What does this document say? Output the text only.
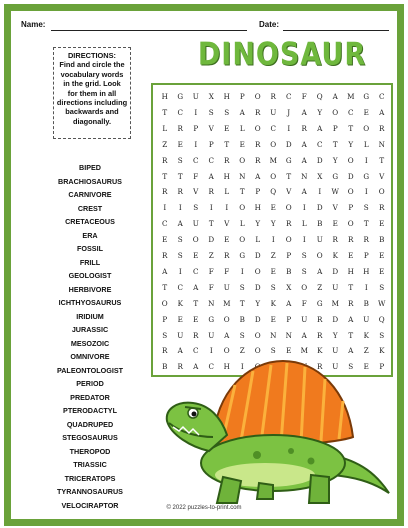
Name:	Date:
DIRECTIONS:
Find and circle the
vocabulary words
in the grid. Look
for them in all
directions including
backwards and
diagonally.
DINOSAUR
H	G	U	X	H	P	O	R	C	F	Q	A	M	G	C
T	C	I	S	S	A	R	U	J	A	Y	O	C	E	A
L	R	P	V	E	L	O	C	I	R	A	P	T	O	R
Z	E	I	P	T	E	R	O	D	A	C	T	Y	L	N
R	S	C	C	R	O	R	M	G	A	D	Y	O	I	T
T	T	F	A	H	N	A	O	T	N	X	G	D	G	V
R	R	V	R	L	T	P	Q	V	A	I	W	O	I	O
I	I	S	I	I	O	H	E	O	I	D	V	P	S	R
C	A	U	T	V	L	Y	Y	R	L	B	E	O	T	E
E	S	O	D	E	O	L	I	O	I	U	R	R	R	B
R	S	E	Z	R	G	D	Z	P	S	O	K	E	P	E
A	I	C	F	F	I	O	E	B	S	A	D	H	H	E
T	C	A	F	U	S	D	S	X	O	Z	U	T	I	S
O	K	T	N	M	T	Y	K	A	F	G	M	R	B	W
P	E	E	G	O	B	D	E	P	U	R	D	A	U	Q
S	U	R	U	A	S	O	N	N	A	R	Y	T	K	S
R	A	C	I	O	Z	O	S	E	M	K	U	A	Z	K
B	R	A	C	H	I	R	U	S	E	P
BIPED
BRACHIOSAURUS
CARNIVORE
CREST
CRETACEOUS
ERA
FOSSIL
FRILL
GEOLOGIST
HERBIVORE
ICHTHYOSAURUS
IRIDIUM
JURASSIC
MESOZOIC
OMNIVORE
PALEONTOLOGIST
PERIOD
PREDATOR
PTERODACTYL
QUADRUPED
STEGOSAURUS
THEROPOD
TRIASSIC
TRICERATOPS
TYRANNOSAURUS
VELOCIRAPTOR	© 2022 puzzles-to-print.com
